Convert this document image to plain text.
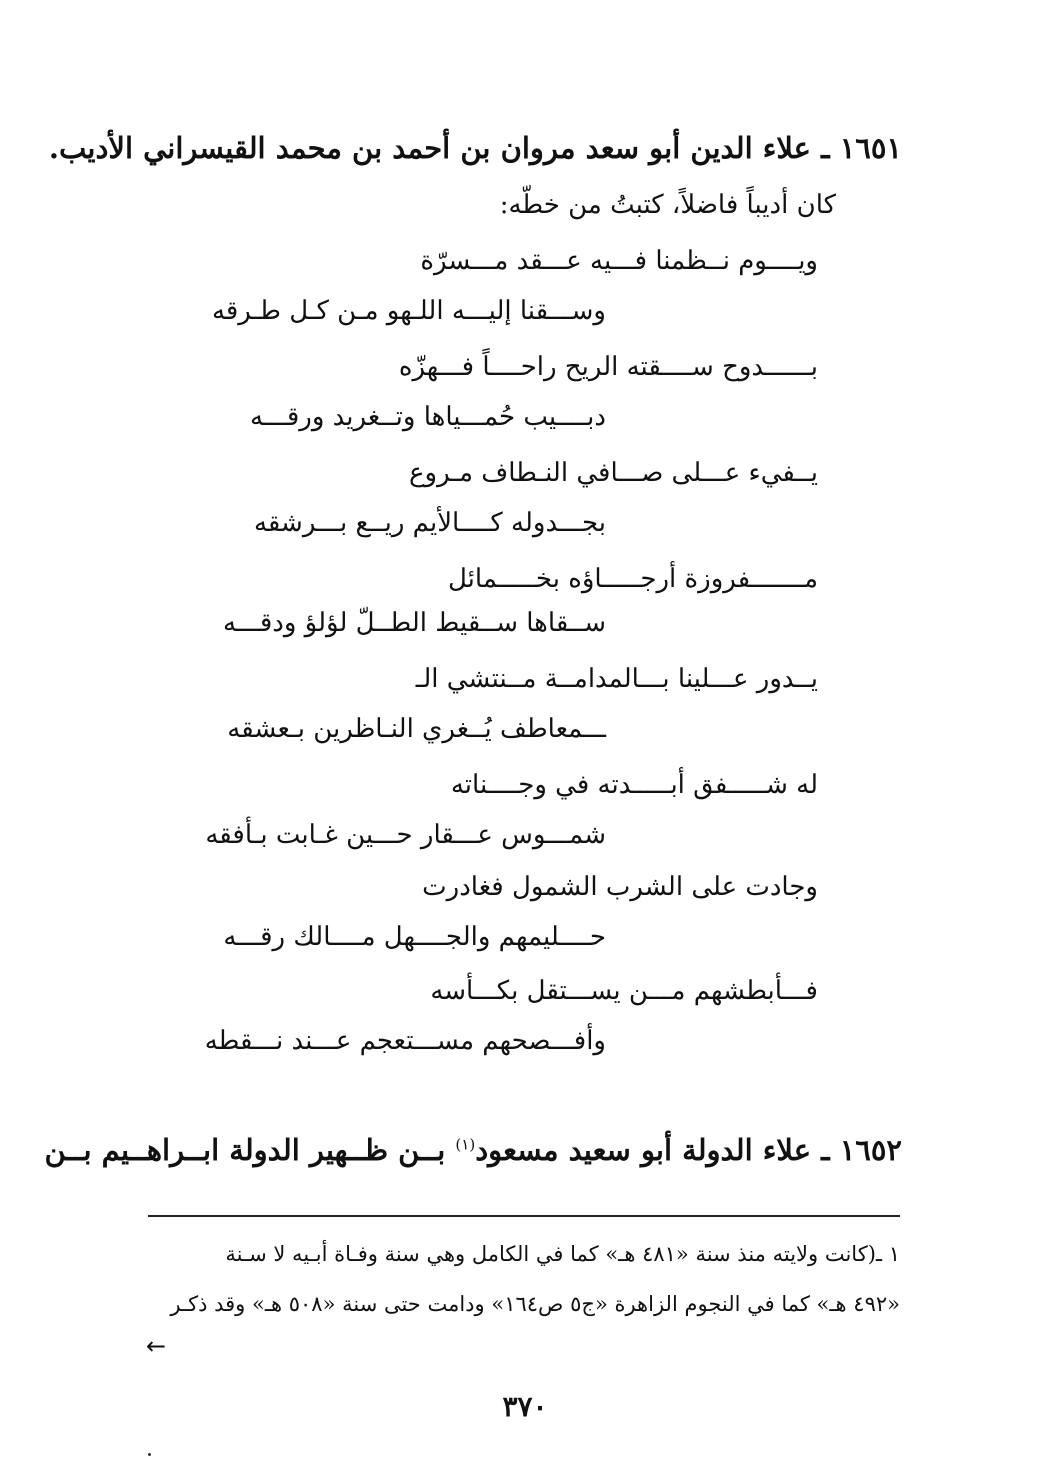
١٦٥١ ـ علاء الدين أبو سعد مروان بن أحمد بن محمد القيسراني الأديب.
كان أديباً فاضلاً، كتبتُ من خطّه:
ويــــوم نــظمنا فـــيه عـــقد مـــسرّة
وســـقنا إليـــه اللـهو مـن كـل طـرقه
بــــــدوح ســــقته الريح راحــــاً فـــهزّه
دبــــيب حُمـــياها وتــغريد ورقـــه
يــفيء عـــلى صـــافي النـطاف مـروع
بجـــدوله كــــالأيم ريــع بـــرشقه
مـــــــفروزة أرجـــــاؤه بخـــــمائل
ســقاها ســقيط الطــلّ لؤلؤ ودقـــه
يــدور عـــلينا بـــالمدامــة مــنتشي الـ
ـــمعاطف يُــغري النـاظرين بـعشقه
له شـــــفق أبـــــدته في وجــــناته
شمـــوس عـــقار حـــين غـابت بـأفقه
وجادت على الشرب الشمول فغادرت
حــــليمهم والجــــهل مــــالك رقـــه
فـــأبطشهم مـــن يســـتقل بكـــأسه
وأفـــصحهم مســـتعجم عـــند نـــقطه
١٦٥٢ ـ علاء الدولة أبو سعيد مسعود$^{(١)}$ بــن ظــهير الدولة ابــراهــيم بــن
١ ـ(كانت ولايته منذ سنة «٤٨١ هـ» كما في الكامل وهي سنة وفـاة أبـيه لا سـنة
«٤٩٢ هـ» كما في النجوم الزاهرة «ج٥ ص١٦٤» ودامت حتى سنة «٥٠٨ هـ» وقد ذكـر
←
٣٧٠
